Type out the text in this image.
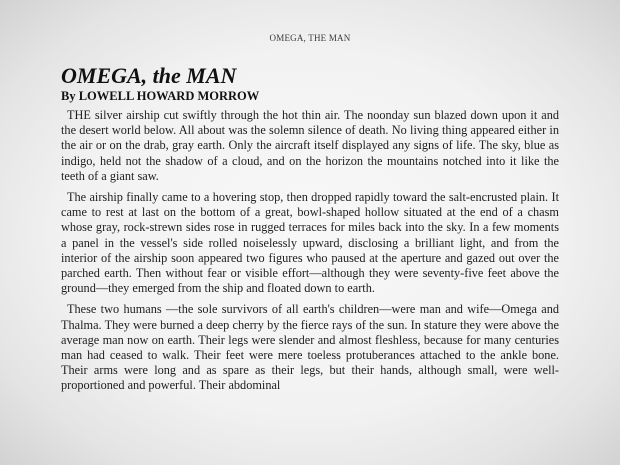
OMEGA, THE MAN
OMEGA, the MAN
By LOWELL HOWARD MORROW

THE silver airship cut swiftly through the hot thin air. The noonday sun blazed down upon it and the desert world below. All about was the solemn silence of death. No living thing appeared either in the air or on the drab, gray earth. Only the aircraft itself displayed any signs of life. The sky, blue as indigo, held not the shadow of a cloud, and on the horizon the mountains notched into it like the teeth of a giant saw.

The airship finally came to a hovering stop, then dropped rapidly toward the salt-encrusted plain. It came to rest at last on the bottom of a great, bowl-shaped hollow situated at the end of a chasm whose gray, rock-strewn sides rose in rugged terraces for miles back into the sky. In a few moments a panel in the vessel's side rolled noiselessly upward, disclosing a brilliant light, and from the interior of the airship soon appeared two figures who paused at the aperture and gazed out over the parched earth. Then without fear or visible effort—although they were seventy-five feet above the ground—they emerged from the ship and floated down to earth.

These two humans —the sole survivors of all earth's children—were man and wife—Omega and Thalma. They were burned a deep cherry by the fierce rays of the sun. In stature they were above the average man now on earth. Their legs were slender and almost fleshless, because for many centuries man had ceased to walk. Their feet were mere toeless protuberances attached to the ankle bone. Their arms were long and as spare as their legs, but their hands, although small, were well-proportioned and powerful. Their abdominal
